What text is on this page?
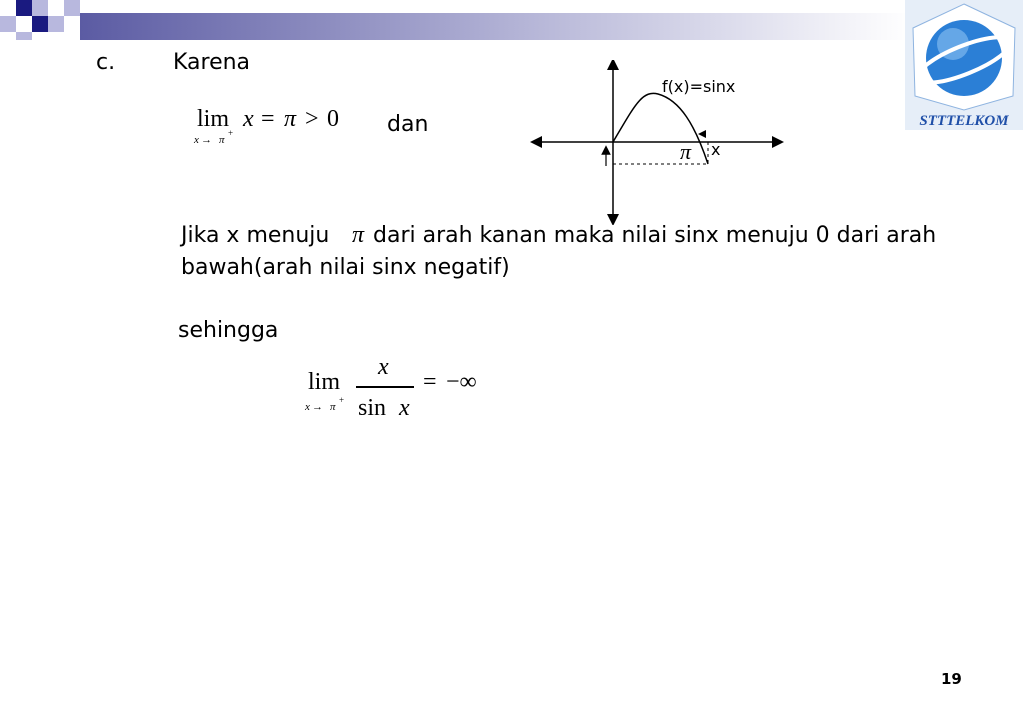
STTTELKOM
c.	Karena
lim
x → π
+
x = π > 0 dan
f(x)=sinx
π x
Jika x menuju π dari arah kanan maka nilai sinx menuju 0 dari arah
bawah(arah nilai sinx negatif)
sehingga
lim
x → π
+
x
sin x
= −∞
19
